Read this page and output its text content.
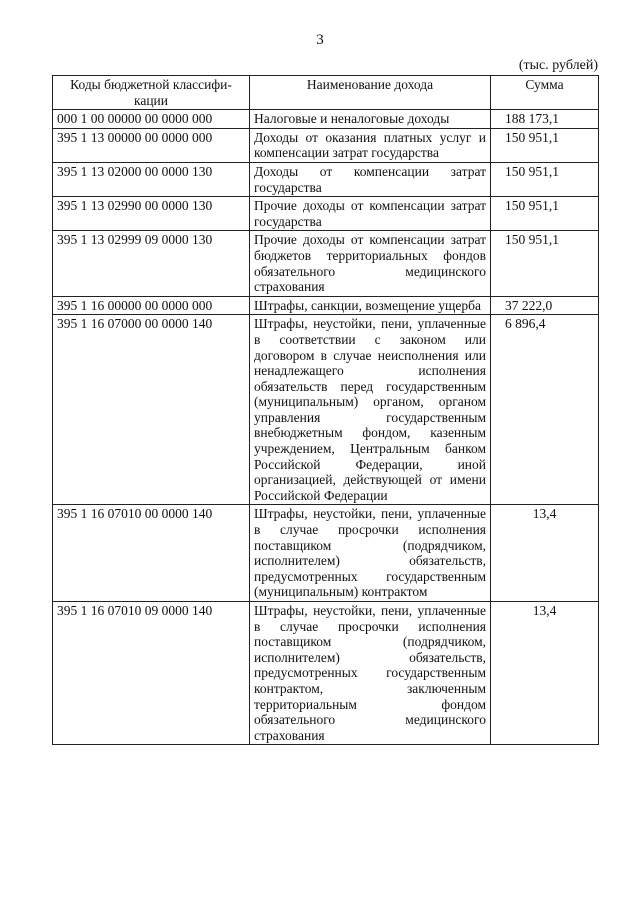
3
(тыс. рублей)
Коды бюджетной классифи-кации	Наименование дохода	Сумма
000 1 00 00000 00 0000 000	Налоговые и неналоговые доходы	188 173,1
395 1 13 00000 00 0000 000	Доходы от оказания платных услуг и компенсации затрат государства	150 951,1
395 1 13 02000 00 0000 130	Доходы от компенсации затрат государства	150 951,1
395 1 13 02990 00 0000 130	Прочие доходы от компенсации затрат государства	150 951,1
395 1 13 02999 09 0000 130	Прочие доходы от компенсации затрат бюджетов территориальных фондов обязательного медицинского страхования	150 951,1
395 1 16 00000 00 0000 000	Штрафы, санкции, возмещение ущерба	37 222,0
395 1 16 07000 00 0000 140	Штрафы, неустойки, пени, уплаченные в соответствии с законом или договором в случае неисполнения или ненадлежащего исполнения обязательств перед государственным (муниципальным) органом, органом управления государственным внебюджетным фондом, казенным учреждением, Центральным банком Российской Федерации, иной организацией, действующей от имени Российской Федерации	6 896,4
395 1 16 07010 00 0000 140	Штрафы, неустойки, пени, уплаченные в случае просрочки исполнения поставщиком (подрядчиком, исполнителем) обязательств, предусмотренных государственным (муниципальным) контрактом	13,4
395 1 16 07010 09 0000 140	Штрафы, неустойки, пени, уплаченные в случае просрочки исполнения поставщиком (подрядчиком, исполнителем) обязательств, предусмотренных государственным контрактом, заключенным территориальным фондом обязательного медицинского страхования	13,4
